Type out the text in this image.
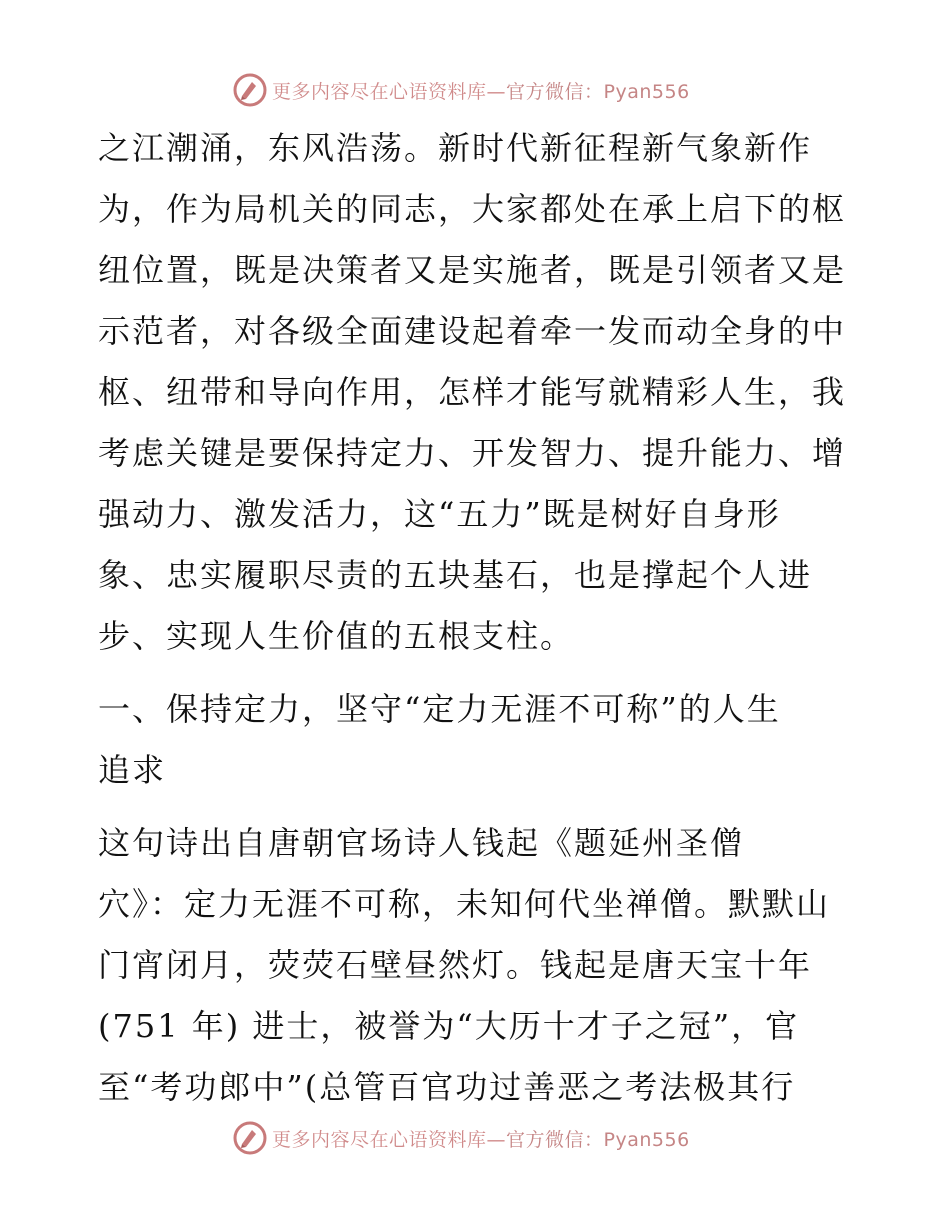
更多内容尽在心语资料库—官方微信：Pyan556
之江潮涌，东风浩荡。新时代新征程新气象新作
为，作为局机关的同志，大家都处在承上启下的枢
纽位置，既是决策者又是实施者，既是引领者又是
示范者，对各级全面建设起着牵一发而动全身的中
枢、纽带和导向作用，怎样才能写就精彩人生，我
考虑关键是要保持定力、开发智力、提升能力、增
强动力、激发活力，这“五力”既是树好自身形
象、忠实履职尽责的五块基石，也是撑起个人进
步、实现人生价值的五根支柱。
一、保持定力，坚守“定力无涯不可称”的人生
追求
这句诗出自唐朝官场诗人钱起《题延州圣僧
穴》：定力无涯不可称，未知何代坐禅僧。默默山
门宵闭月，荧荧石壁昼然灯。钱起是唐天宝十年
(751 年) 进士，被誉为“大历十才子之冠”，官
至“考功郎中”(总管百官功过善恶之考法极其行
更多内容尽在心语资料库—官方微信：Pyan556
